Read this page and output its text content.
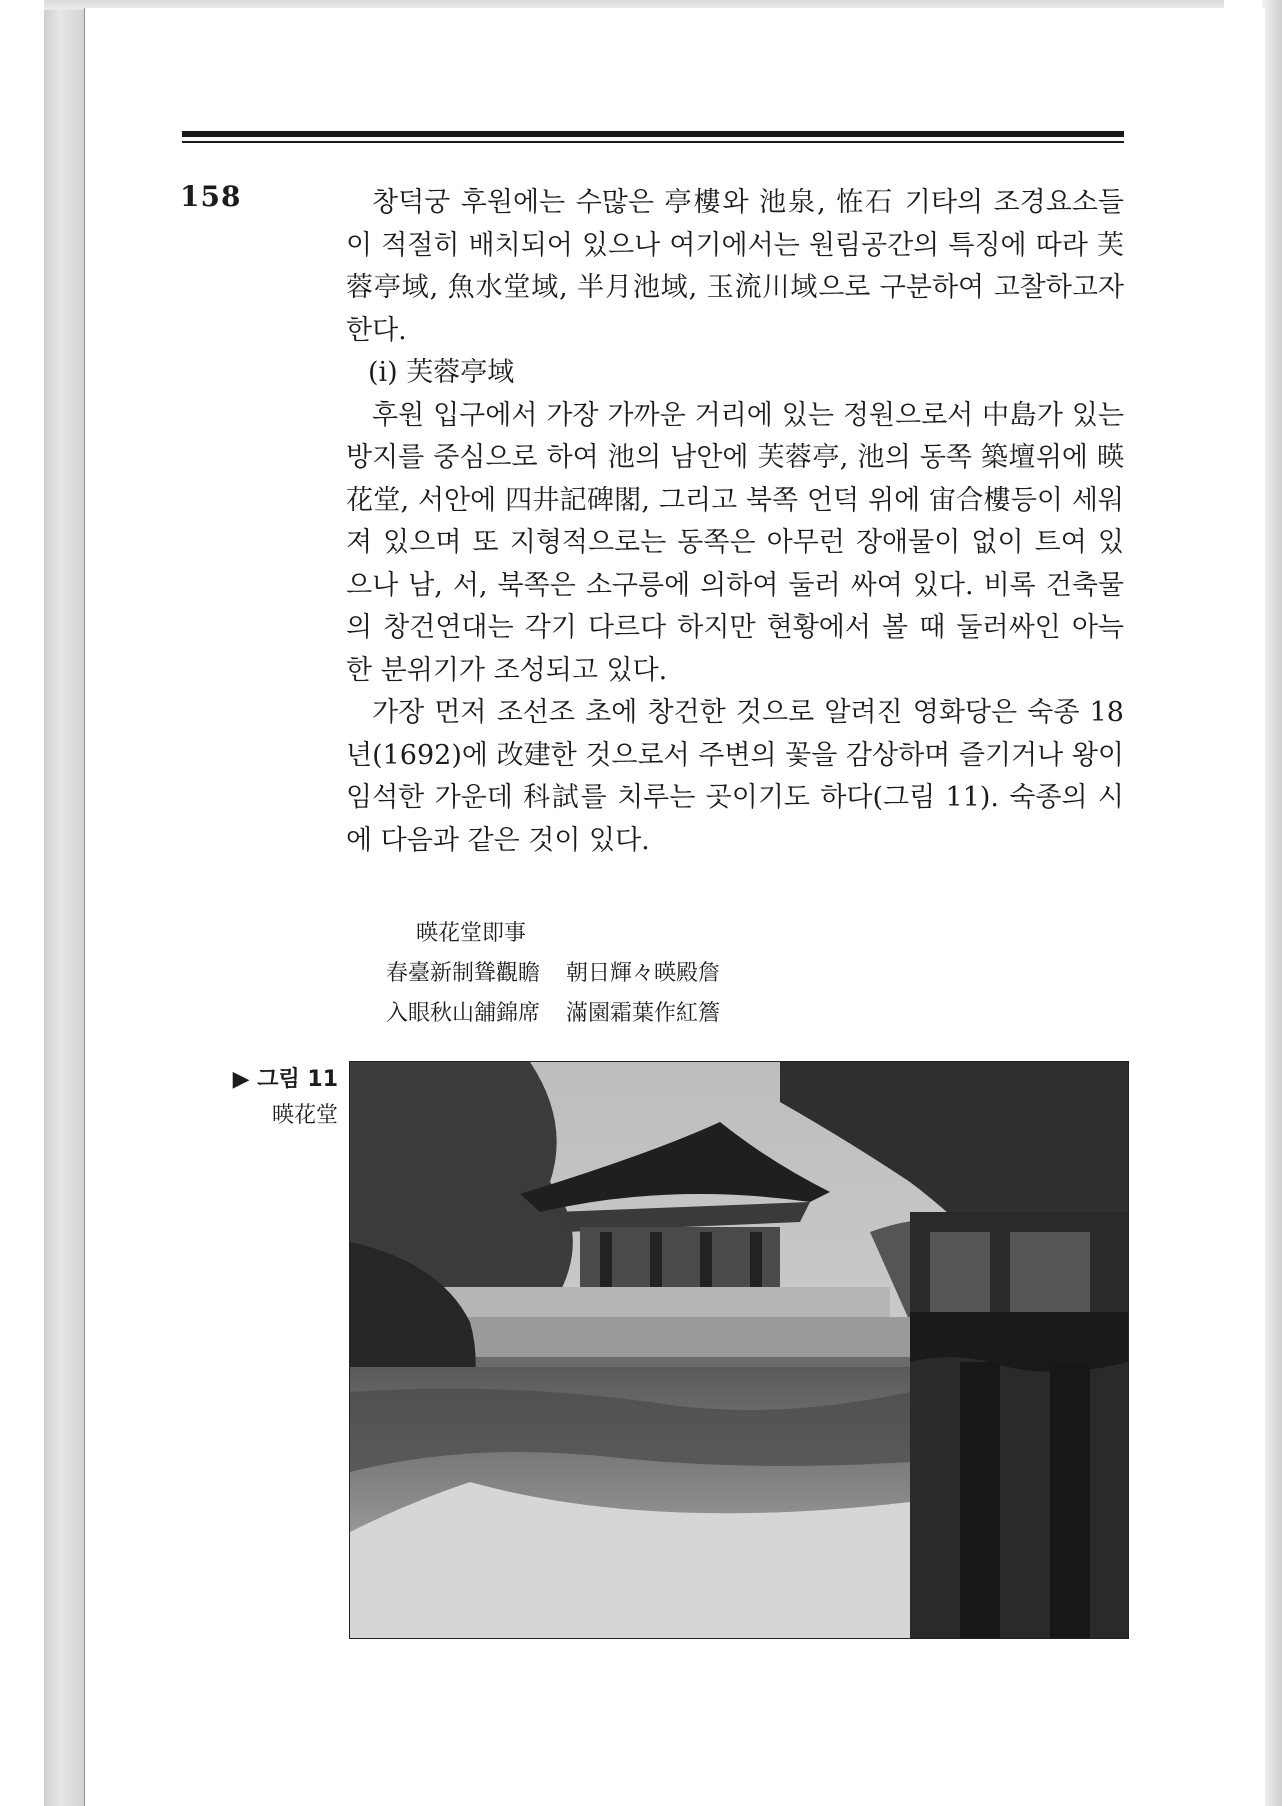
158	창덕궁 후원에는 수많은 亭樓와 池泉, 恠石 기타의 조경요소들이 적절히 배치되어 있으나 여기에서는 원림공간의 특징에 따라 芙蓉亭域, 魚水堂域, 半月池域, 玉流川域으로 구분하여 고찰하고자 한다.

(i) 芙蓉亭域

후원 입구에서 가장 가까운 거리에 있는 정원으로서 中島가 있는 방지를 중심으로 하여 池의 남안에 芙蓉亭, 池의 동쪽 築壇위에 暎花堂, 서안에 四井記碑閣, 그리고 북쪽 언덕 위에 宙合樓등이 세워져 있으며 또 지형적으로는 동쪽은 아무런 장애물이 없이 트여 있으나 남, 서, 북쪽은 소구릉에 의하여 둘러 싸여 있다. 비록 건축물의 창건연대는 각기 다르다 하지만 현황에서 볼 때 둘러싸인 아늑한 분위기가 조성되고 있다.

가장 먼저 조선조 초에 창건한 것으로 알려진 영화당은 숙종 18년(1692)에 改建한 것으로서 주변의 꽃을 감상하며 즐기거나 왕이 임석한 가운데 科試를 치루는 곳이기도 하다(그림 11). 숙종의 시에 다음과 같은 것이 있다.

暎花堂即事
春臺新制聳觀瞻 朝日輝々暎殿詹
入眼秋山舖錦席 滿園霜葉作紅簷
▶ 그림 11
暎花堂
